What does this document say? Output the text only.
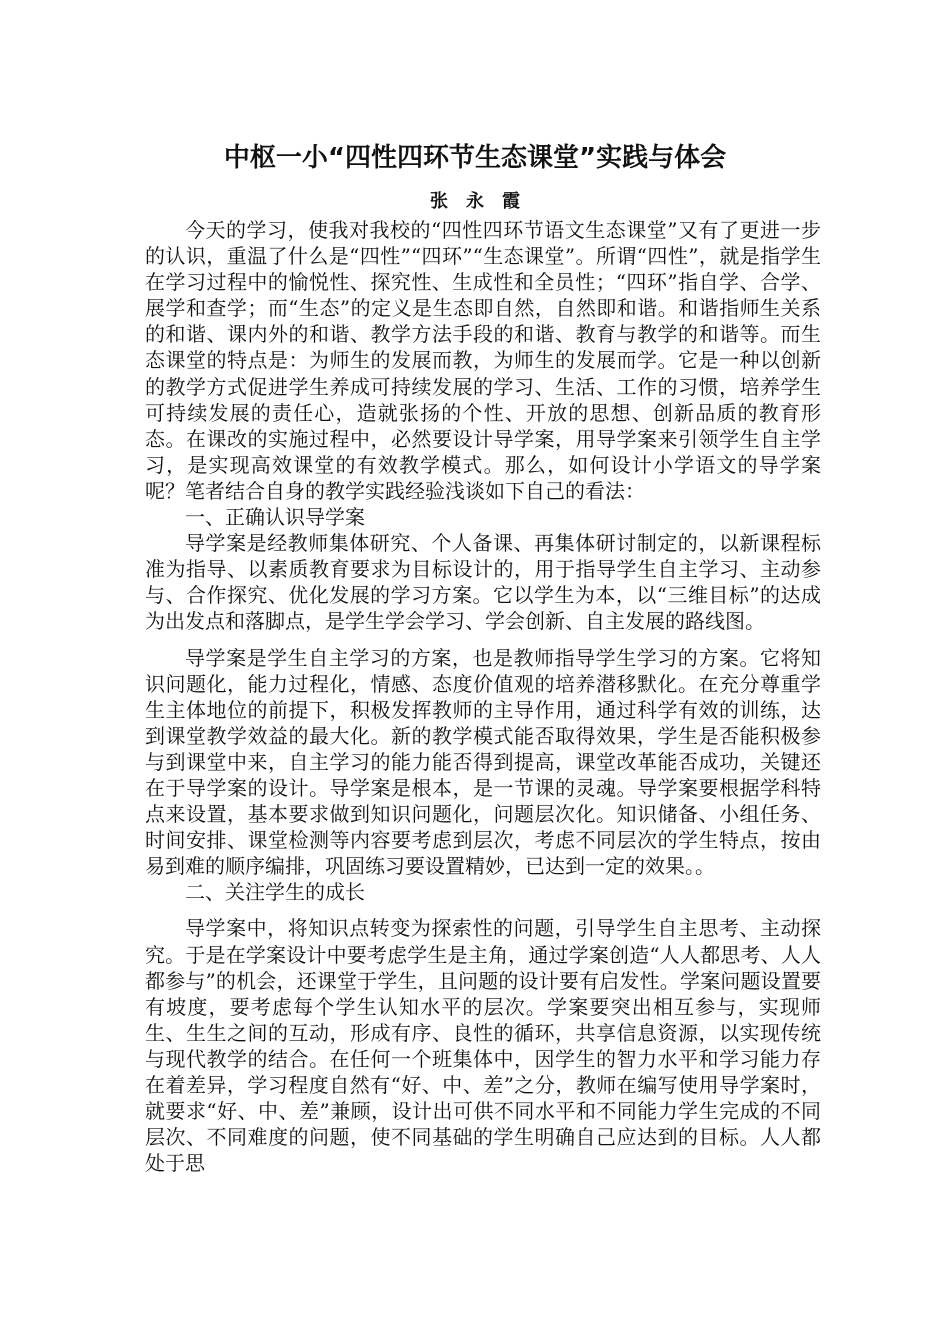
中枢一小“四性四环节生态课堂”实践与体会
张永霞

今天的学习，使我对我校的“四性四环节语文生态课堂”又有了更进一步的认识，重温了什么是“四性”“四环”“生态课堂”。所谓“四性”，就是指学生在学习过程中的愉悦性、探究性、生成性和全员性；“四环”指自学、合学、展学和查学；而“生态”的定义是生态即自然，自然即和谐。和谐指师生关系的和谐、课内外的和谐、教学方法手段的和谐、教育与教学的和谐等。而生态课堂的特点是：为师生的发展而教，为师生的发展而学。它是一种以创新的教学方式促进学生养成可持续发展的学习、生活、工作的习惯，培养学生可持续发展的责任心，造就张扬的个性、开放的思想、创新品质的教育形态。在课改的实施过程中，必然要设计导学案，用导学案来引领学生自主学习，是实现高效课堂的有效教学模式。那么，如何设计小学语文的导学案呢？笔者结合自身的教学实践经验浅谈如下自己的看法：

一、正确认识导学案

导学案是经教师集体研究、个人备课、再集体研讨制定的，以新课程标准为指导、以素质教育要求为目标设计的，用于指导学生自主学习、主动参与、合作探究、优化发展的学习方案。它以学生为本，以“三维目标”的达成为出发点和落脚点，是学生学会学习、学会创新、自主发展的路线图。

导学案是学生自主学习的方案，也是教师指导学生学习的方案。它将知识问题化，能力过程化，情感、态度价值观的培养潜移默化。在充分尊重学生主体地位的前提下，积极发挥教师的主导作用，通过科学有效的训练，达到课堂教学效益的最大化。新的教学模式能否取得效果，学生是否能积极参与到课堂中来，自主学习的能力能否得到提高，课堂改革能否成功，关键还在于导学案的设计。导学案是根本，是一节课的灵魂。导学案要根据学科特点来设置，基本要求做到知识问题化，问题层次化。知识储备、小组任务、时间安排、课堂检测等内容要考虑到层次，考虑不同层次的学生特点，按由易到难的顺序编排，巩固练习要设置精妙，已达到一定的效果。。

二、关注学生的成长

导学案中，将知识点转变为探索性的问题，引导学生自主思考、主动探究。于是在学案设计中要考虑学生是主角，通过学案创造“人人都思考、人人都参与”的机会，还课堂于学生，且问题的设计要有启发性。学案问题设置要有坡度，要考虑每个学生认知水平的层次。学案要突出相互参与，实现师生、生生之间的互动，形成有序、良性的循环，共享信息资源，以实现传统与现代教学的结合。在任何一个班集体中，因学生的智力水平和学习能力存在着差异，学习程度自然有“好、中、差”之分，教师在编写使用导学案时，就要求“好、中、差”兼顾，设计出可供不同水平和不同能力学生完成的不同层次、不同难度的问题，使不同基础的学生明确自己应达到的目标。人人都处于思
